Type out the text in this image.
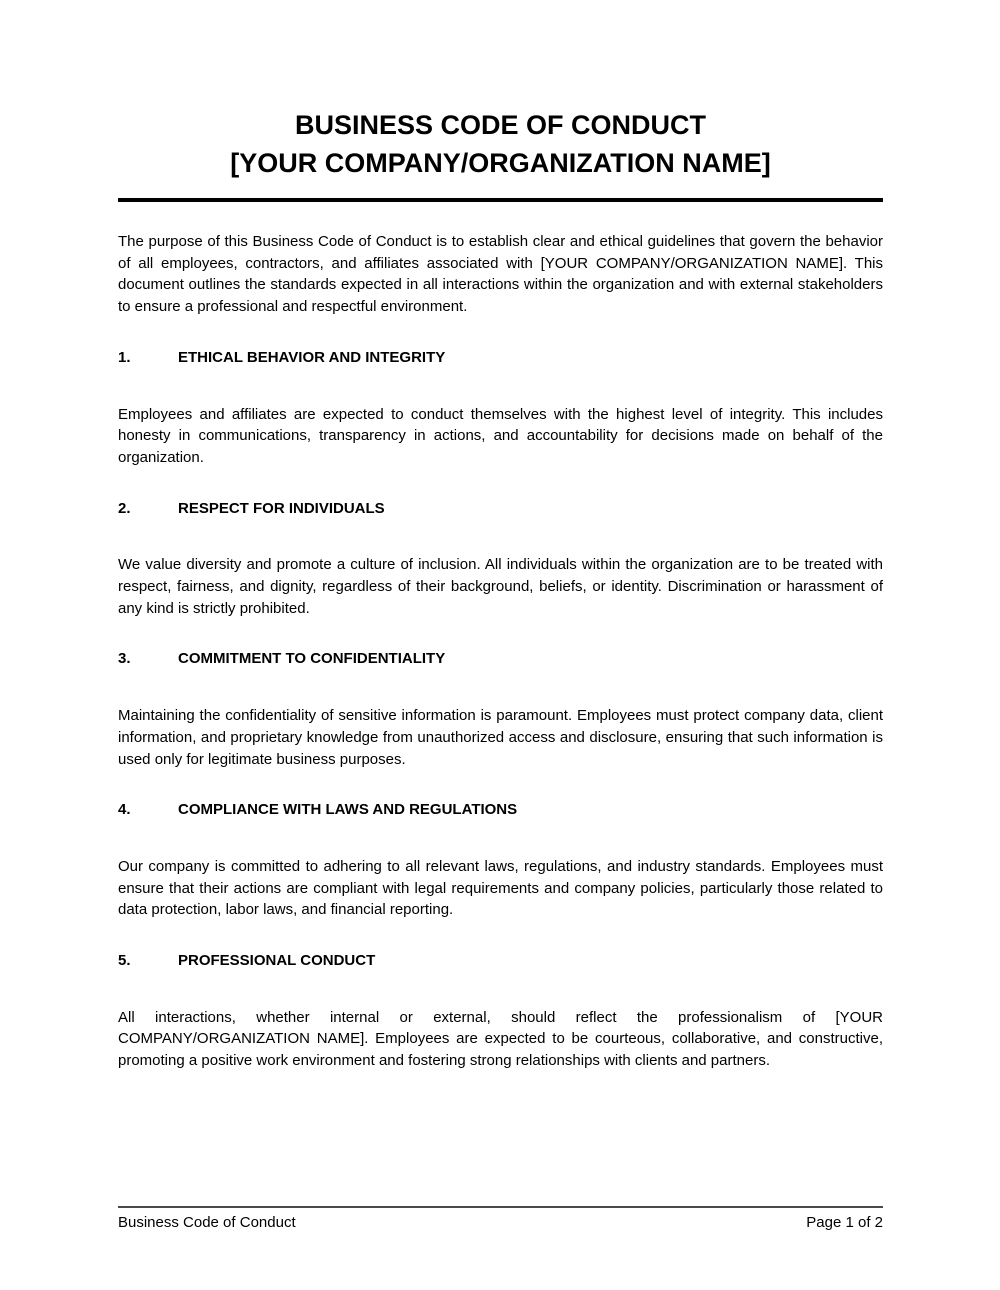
BUSINESS CODE OF CONDUCT
[YOUR COMPANY/ORGANIZATION NAME]

The purpose of this Business Code of Conduct is to establish clear and ethical guidelines that govern the behavior of all employees, contractors, and affiliates associated with [YOUR COMPANY/ORGANIZATION NAME]. This document outlines the standards expected in all interactions within the organization and with external stakeholders to ensure a professional and respectful environment.

1.	ETHICAL BEHAVIOR AND INTEGRITY

Employees and affiliates are expected to conduct themselves with the highest level of integrity. This includes honesty in communications, transparency in actions, and accountability for decisions made on behalf of the organization.

2.	RESPECT FOR INDIVIDUALS

We value diversity and promote a culture of inclusion. All individuals within the organization are to be treated with respect, fairness, and dignity, regardless of their background, beliefs, or identity. Discrimination or harassment of any kind is strictly prohibited.

3.	COMMITMENT TO CONFIDENTIALITY

Maintaining the confidentiality of sensitive information is paramount. Employees must protect company data, client information, and proprietary knowledge from unauthorized access and disclosure, ensuring that such information is used only for legitimate business purposes.

4.	COMPLIANCE WITH LAWS AND REGULATIONS

Our company is committed to adhering to all relevant laws, regulations, and industry standards. Employees must ensure that their actions are compliant with legal requirements and company policies, particularly those related to data protection, labor laws, and financial reporting.

5.	PROFESSIONAL CONDUCT

All interactions, whether internal or external, should reflect the professionalism of [YOUR COMPANY/ORGANIZATION NAME]. Employees are expected to be courteous, collaborative, and constructive, promoting a positive work environment and fostering strong relationships with clients and partners.

Business Code of Conduct	Page 1 of 2
